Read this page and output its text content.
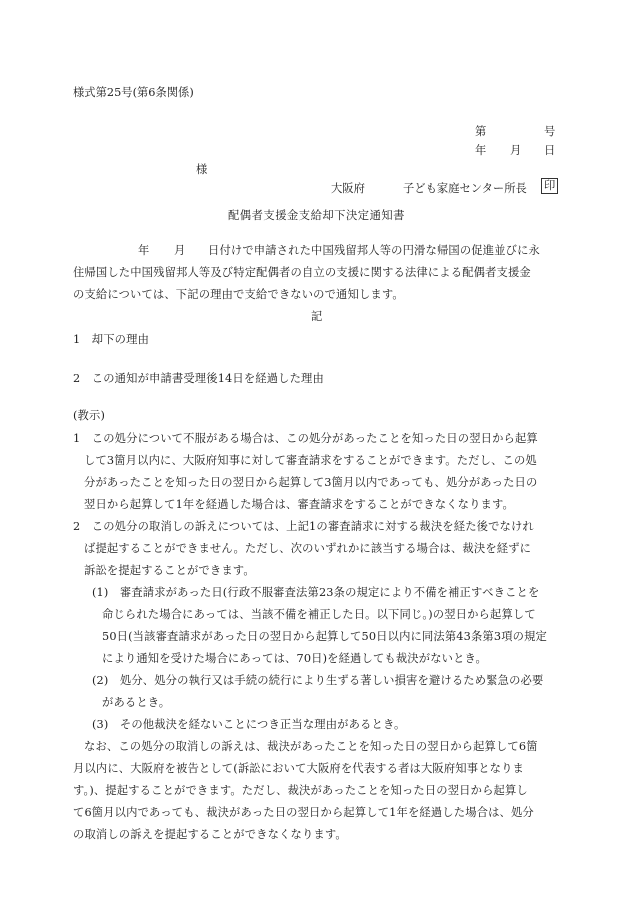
様式第25号(第6条関係)
第	号
年 月 日
様
大阪府	子ども家庭センター所長 印
配偶者支援金支給却下決定通知書
年 月 日付けで申請された中国残留邦人等の円滑な帰国の促進並びに永
住帰国した中国残留邦人等及び特定配偶者の自立の支援に関する法律による配偶者支援金
の支給については、下記の理由で支給できないので通知します。
記
1　却下の理由
2　この通知が申請書受理後14日を経過した理由
(教示)
1　この処分について不服がある場合は、この処分があったことを知った日の翌日から起算
して3箇月以内に、大阪府知事に対して審査請求をすることができます。ただし、この処
分があったことを知った日の翌日から起算して3箇月以内であっても、処分があった日の
翌日から起算して1年を経過した場合は、審査請求をすることができなくなります。
2　この処分の取消しの訴えについては、上記1の審査請求に対する裁決を経た後でなけれ
ば提起することができません。ただし、次のいずれかに該当する場合は、裁決を経ずに
訴訟を提起することができます。
(1)　審査請求があった日(行政不服審査法第23条の規定により不備を補正すべきことを
命じられた場合にあっては、当該不備を補正した日。以下同じ。)の翌日から起算して
50日(当該審査請求があった日の翌日から起算して50日以内に同法第43条第3項の規定
により通知を受けた場合にあっては、70日)を経過しても裁決がないとき。
(2)　処分、処分の執行又は手続の続行により生ずる著しい損害を避けるため緊急の必要
があるとき。
(3)　その他裁決を経ないことにつき正当な理由があるとき。
なお、この処分の取消しの訴えは、裁決があったことを知った日の翌日から起算して6箇
月以内に、大阪府を被告として(訴訟において大阪府を代表する者は大阪府知事となりま
す。)、提起することができます。ただし、裁決があったことを知った日の翌日から起算し
て6箇月以内であっても、裁決があった日の翌日から起算して1年を経過した場合は、処分
の取消しの訴えを提起することができなくなります。
